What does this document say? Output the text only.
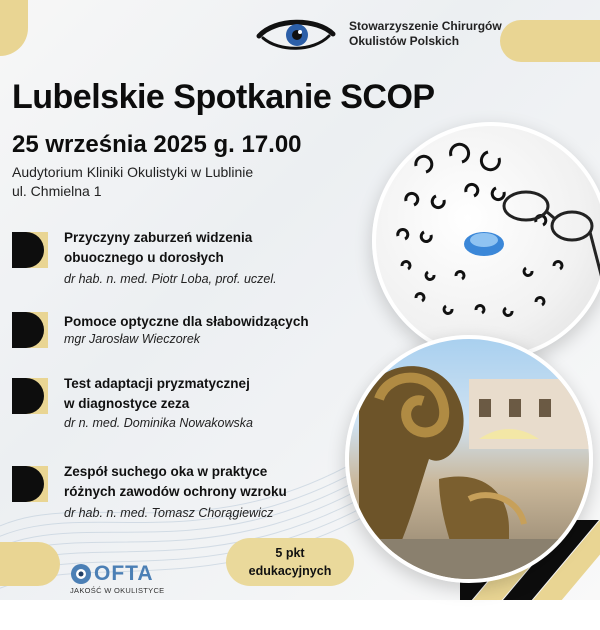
Stowarzyszenie Chirurgów
Okulistów Polskich
Lubelskie Spotkanie SCOP
25 września 2025 g. 17.00
Audytorium Kliniki Okulistyki w Lublinie
ul. Chmielna 1
Przyczyny zaburzeń widzenia
obuocznego u dorosłych
dr hab. n. med. Piotr Loba, prof. uczel.
Pomoce optyczne dla słabowidzących
mgr Jarosław Wieczorek
Test adaptacji pryzmatycznej
w diagnostyce zeza
dr n. med. Dominika Nowakowska
Zespół suchego oka w praktyce
różnych zawodów ochrony wzroku
dr hab. n. med. Tomasz Chorągiewicz
5 pkt
edukacyjnych
OFTA
JAKOŚĆ W OKULISTYCE
